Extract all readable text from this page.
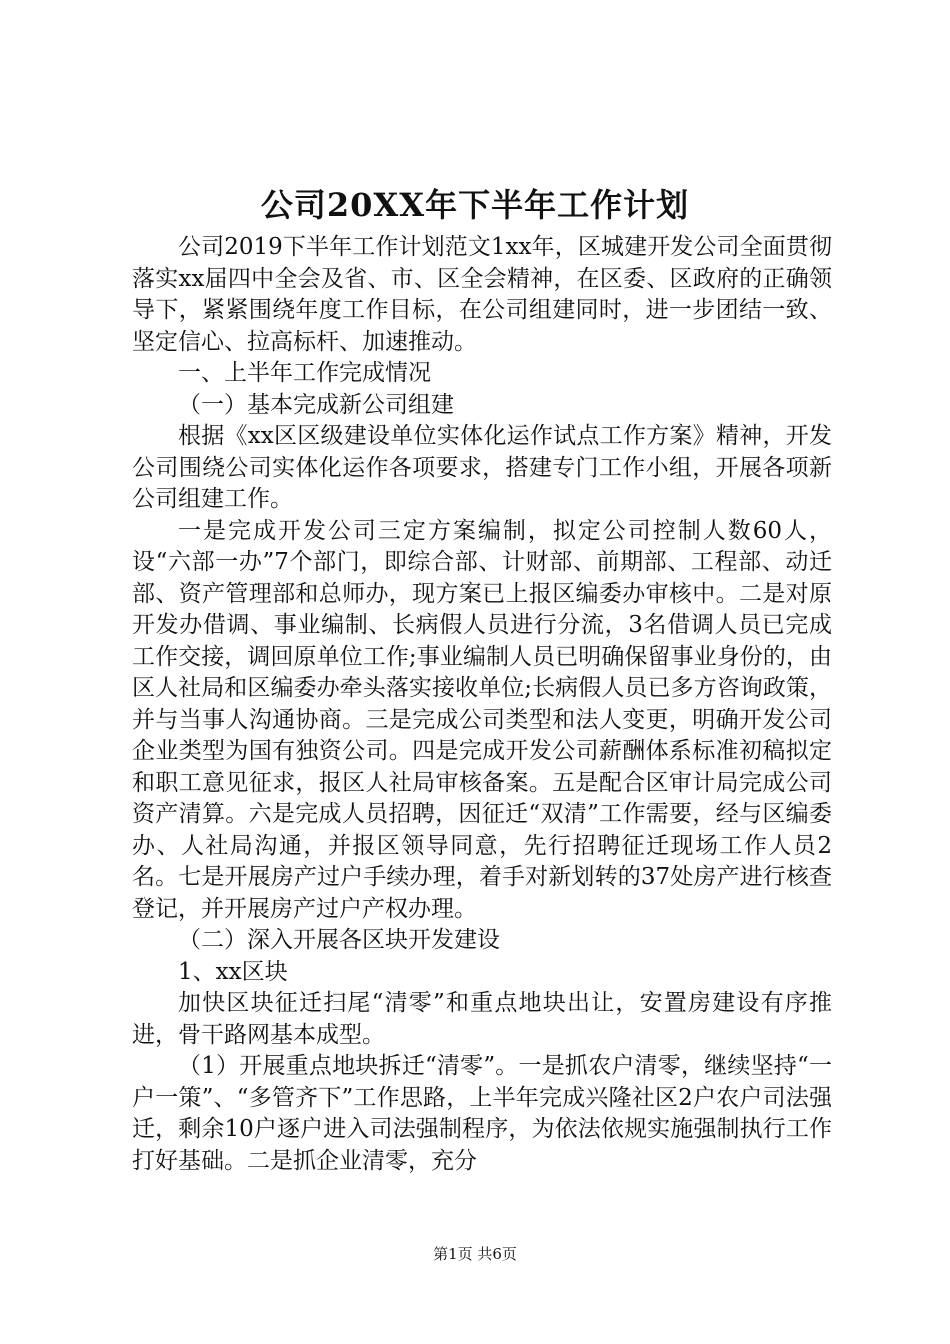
公司20XX年下半年工作计划

公司2019下半年工作计划范文1xx年，区城建开发公司全面贯彻落实xx届四中全会及省、市、区全会精神，在区委、区政府的正确领导下，紧紧围绕年度工作目标，在公司组建同时，进一步团结一致、坚定信心、拉高标杆、加速推动。

一、上半年工作完成情况

（一）基本完成新公司组建

根据《xx区区级建设单位实体化运作试点工作方案》精神，开发公司围绕公司实体化运作各项要求，搭建专门工作小组，开展各项新公司组建工作。

一是完成开发公司三定方案编制，拟定公司控制人数60人，设“六部一办”7个部门，即综合部、计财部、前期部、工程部、动迁部、资产管理部和总师办，现方案已上报区编委办审核中。二是对原开发办借调、事业编制、长病假人员进行分流，3名借调人员已完成工作交接，调回原单位工作;事业编制人员已明确保留事业身份的，由区人社局和区编委办牵头落实接收单位;长病假人员已多方咨询政策，并与当事人沟通协商。三是完成公司类型和法人变更，明确开发公司企业类型为国有独资公司。四是完成开发公司薪酬体系标准初稿拟定和职工意见征求，报区人社局审核备案。五是配合区审计局完成公司资产清算。六是完成人员招聘，因征迁“双清”工作需要，经与区编委办、人社局沟通，并报区领导同意，先行招聘征迁现场工作人员2名。七是开展房产过户手续办理，着手对新划转的37处房产进行核查登记，并开展房产过户产权办理。

（二）深入开展各区块开发建设

1、xx区块

加快区块征迁扫尾“清零”和重点地块出让，安置房建设有序推进，骨干路网基本成型。

（1）开展重点地块拆迁“清零”。一是抓农户清零，继续坚持“一户一策”、“多管齐下”工作思路，上半年完成兴隆社区2户农户司法强迁，剩余10户逐户进入司法强制程序，为依法依规实施强制执行工作打好基础。二是抓企业清零，充分

第1页 共6页
